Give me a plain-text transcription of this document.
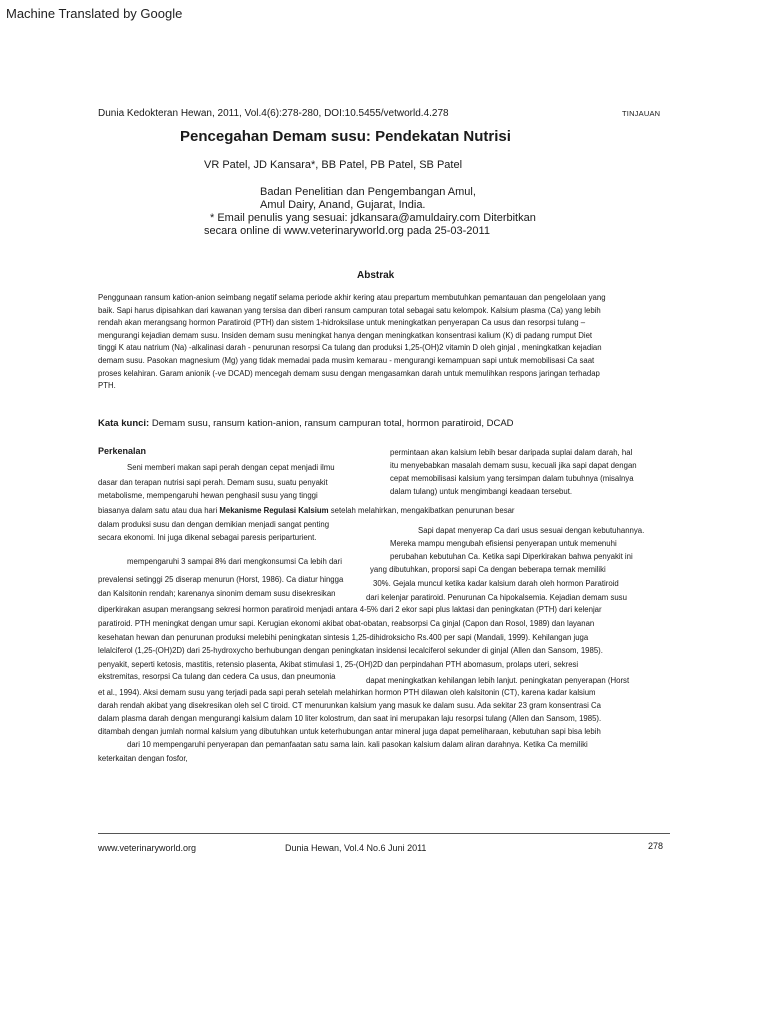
Machine Translated by Google
Dunia Kedokteran Hewan, 2011, Vol.4(6):278-280, DOI:10.5455/vetworld.4.278	TINJAUAN
Pencegahan Demam susu: Pendekatan Nutrisi
VR Patel, JD Kansara*, BB Patel, PB Patel, SB Patel
Badan Penelitian dan Pengembangan Amul,
Amul Dairy, Anand, Gujarat, India.
* Email penulis yang sesuai: jdkansara@amuldairy.com Diterbitkan
secara online di www.veterinaryworld.org pada 25-03-2011
Abstrak
Penggunaan ransum kation-anion seimbang negatif selama periode akhir kering atau prepartum membutuhkan pemantauan dan pengelolaan yang
baik. Sapi harus dipisahkan dari kawanan yang tersisa dan diberi ransum campuran total sebagai satu kelompok. Kalsium plasma (Ca) yang lebih
rendah akan merangsang hormon Paratiroid (PTH) dan sistem 1-hidroksilase untuk meningkatkan penyerapan Ca usus dan resorpsi tulang –
mengurangi kejadian demam susu. Insiden demam susu meningkat hanya dengan meningkatkan konsentrasi kalium (K) di padang rumput Diet
tinggi K atau natrium (Na) -alkalinasi darah - penurunan resorpsi Ca tulang dan produksi 1,25-(OH)2 vitamin D oleh ginjal , meningkatkan kejadian
demam susu. Pasokan magnesium (Mg) yang tidak memadai pada musim kemarau - mengurangi kemampuan sapi untuk memobilisasi Ca saat
proses kelahiran. Garam anionik (-ve DCAD) mencegah demam susu dengan mengasamkan darah untuk memulihkan respons jaringan terhadap
PTH.
Kata kunci: Demam susu, ransum kation-anion, ransum campuran total, hormon paratiroid, DCAD
Perkenalan
Seni memberi makan sapi perah dengan cepat menjadi ilmu
dasar dan terapan nutrisi sapi perah. Demam susu, suatu penyakit
metabolisme, mempengaruhi hewan penghasil susu yang tinggi
biasanya dalam satu atau dua hari Mekanisme Regulasi Kalsium setelah melahirkan, mengakibatkan penurunan besar
dalam produksi susu dan dengan demikian menjadi sangat penting
secara ekonomi. Ini juga dikenal sebagai paresis periparturient.
permintaan akan kalsium lebih besar daripada suplai dalam darah, hal
itu menyebabkan masalah demam susu, kecuali jika sapi dapat dengan
cepat memobilisasi kalsium yang tersimpan dalam tubuhnya (misalnya
dalam tulang) untuk mengimbangi keadaan tersebut.
Sapi dapat menyerap Ca dari usus sesuai dengan kebutuhannya.
Mereka mampu mengubah efisiensi penyerapan untuk memenuhi
perubahan kebutuhan Ca. Ketika sapi Diperkirakan bahwa penyakit ini
mempengaruhi 3 sampai 8% dari mengkonsumsi Ca lebih dari
yang dibutuhkan, proporsi sapi Ca dengan beberapa ternak memiliki
prevalensi setinggi 25 diserap menurun (Horst, 1986). Ca diatur hingga	30%. Gejala muncul ketika kadar kalsium darah oleh hormon Paratiroid
dan Kalsitonin rendah; karenanya sinonim demam susu disekresikan	dari kelenjar paratiroid. Penurunan Ca hipokalsemia. Kejadian demam susu
diperkirakan asupan merangsang sekresi hormon paratiroid menjadi antara 4-5% dari 2 ekor sapi plus laktasi dan peningkatan (PTH) dari kelenjar
paratiroid. PTH meningkat dengan umur sapi. Kerugian ekonomi akibat obat-obatan, reabsorpsi Ca ginjal (Capon dan Rosol, 1989) dan layanan
kesehatan hewan dan penurunan produksi melebihi peningkatan sintesis 1,25-dihidroksicho Rs.400 per sapi (Mandali, 1999). Kehilangan juga
lelalciferol (1,25-(OH)2D) dari 25-hydroxycho berhubungan dengan peningkatan insidensi lecalciferol sekunder di ginjal (Allen dan Sansom, 1985).
penyakit, seperti ketosis, mastitis, retensio plasenta, Akibat stimulasi 1, 25-(OH)2D dan perpindahan PTH abomasum, prolaps uteri, sekresi
ekstremitas, resorpsi Ca tulang dan cedera Ca usus, dan pneumonia	dapat meningkatkan kehilangan lebih lanjut. peningkatan penyerapan (Horst
et al., 1994). Aksi demam susu yang terjadi pada sapi perah setelah melahirkan hormon PTH dilawan oleh kalsitonin (CT), karena kadar kalsium
darah rendah akibat yang disekresikan oleh sel C tiroid. CT menurunkan kalsium yang masuk ke dalam susu. Ada sekitar 23 gram konsentrasi Ca
dalam plasma darah dengan mengurangi kalsium dalam 10 liter kolostrum, dan saat ini merupakan laju resorpsi tulang (Allen dan Sansom, 1985).
ditambah dengan jumlah normal kalsium yang dibutuhkan untuk keterhubungan antar mineral juga dapat pemeliharaan, kebutuhan sapi bisa lebih
dari 10 mempengaruhi penyerapan dan pemanfaatan satu sama lain. kali pasokan kalsium dalam aliran darahnya. Ketika Ca memiliki
keterkaitan dengan fosfor,
www.veterinaryworld.org	Dunia Hewan, Vol.4 No.6 Juni 2011	278
